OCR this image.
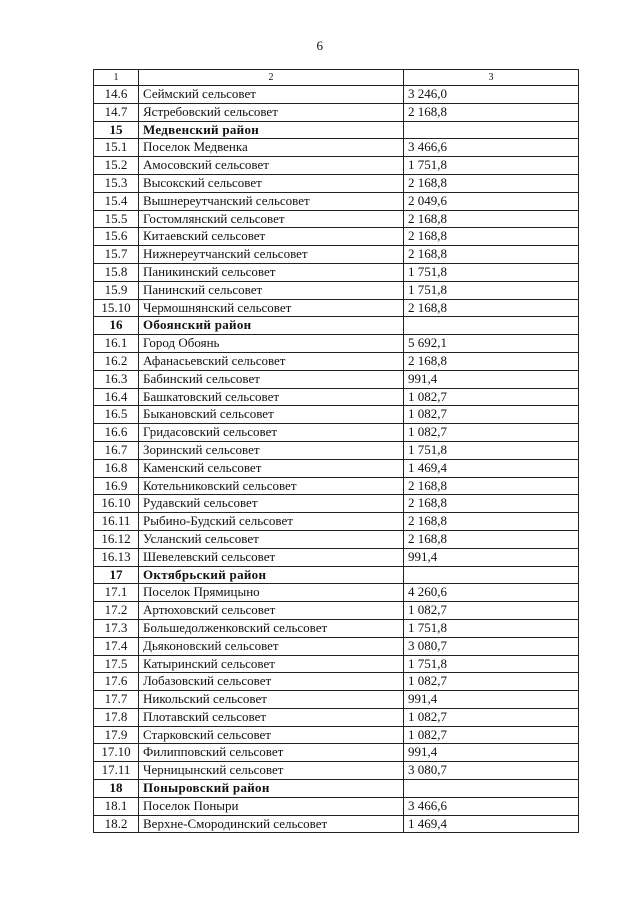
6
1	2	3
14.6	Сеймский сельсовет	3 246,0
14.7	Ястребовский сельсовет	2 168,8
15	Медвенский район	
15.1	Поселок Медвенка	3 466,6
15.2	Амосовский сельсовет	1 751,8
15.3	Высокский сельсовет	2 168,8
15.4	Вышнереутчанский сельсовет	2 049,6
15.5	Гостомлянский сельсовет	2 168,8
15.6	Китаевский сельсовет	2 168,8
15.7	Нижнереутчанский сельсовет	2 168,8
15.8	Паникинский сельсовет	1 751,8
15.9	Панинский сельсовет	1 751,8
15.10	Чермошнянский сельсовет	2 168,8
16	Обоянский район	
16.1	Город Обоянь	5 692,1
16.2	Афанасьевский сельсовет	2 168,8
16.3	Бабинский сельсовет	991,4
16.4	Башкатовский сельсовет	1 082,7
16.5	Быкановский сельсовет	1 082,7
16.6	Гридасовский сельсовет	1 082,7
16.7	Зоринский сельсовет	1 751,8
16.8	Каменский сельсовет	1 469,4
16.9	Котельниковский сельсовет	2 168,8
16.10	Рудавский сельсовет	2 168,8
16.11	Рыбино-Будский сельсовет	2 168,8
16.12	Усланский сельсовет	2 168,8
16.13	Шевелевский сельсовет	991,4
17	Октябрьский район	
17.1	Поселок Прямицыно	4 260,6
17.2	Артюховский сельсовет	1 082,7
17.3	Большедолженковский сельсовет	1 751,8
17.4	Дьяконовский сельсовет	3 080,7
17.5	Катыринский сельсовет	1 751,8
17.6	Лобазовский сельсовет	1 082,7
17.7	Никольский сельсовет	991,4
17.8	Плотавский сельсовет	1 082,7
17.9	Старковский сельсовет	1 082,7
17.10	Филипповский сельсовет	991,4
17.11	Черницынский сельсовет	3 080,7
18	Поныровский район	
18.1	Поселок Поныри	3 466,6
18.2	Верхне-Смородинский сельсовет	1 469,4
